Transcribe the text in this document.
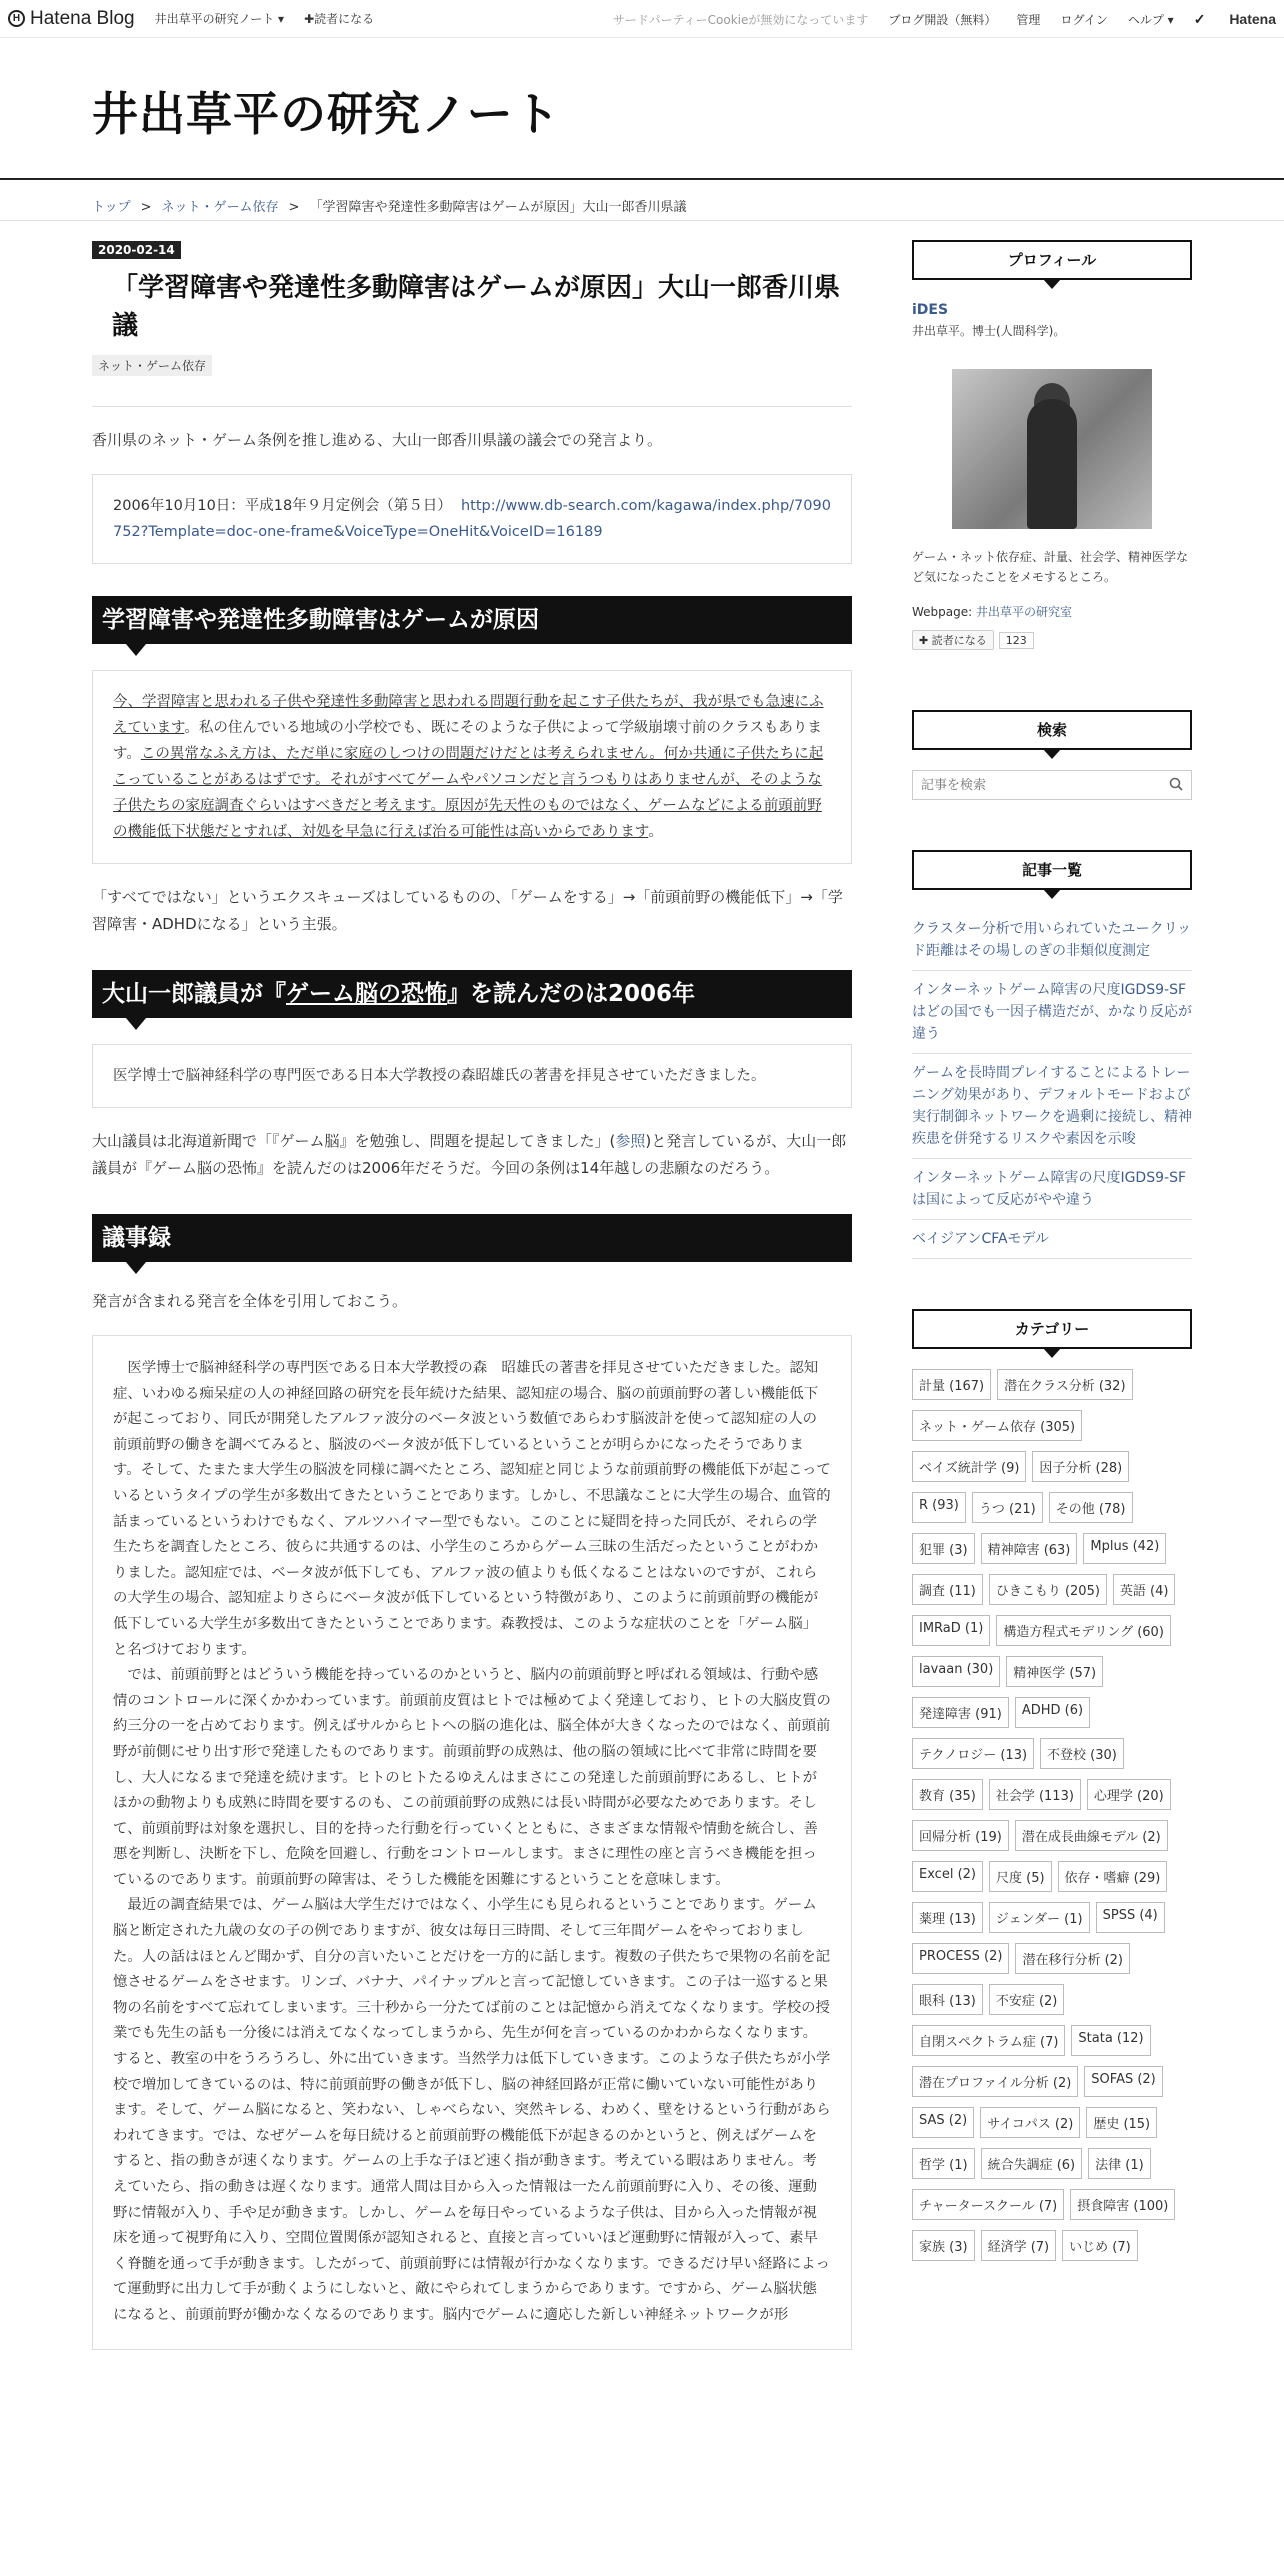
H Hatena Blog 井出草平の研究ノート ▾ ✚読者になる	サードパーティーCookieが無効になっています ブログ開設（無料） 管理 ログイン ヘルプ ▾ ✓ Hatena
井出草平の研究ノート
トップ > ネット・ゲーム依存 > 「学習障害や発達性多動障害はゲームが原因」大山一郎香川県議
2020-02-14
「学習障害や発達性多動障害はゲームが原因」大山一郎香川県議
ネット・ゲーム依存
香川県のネット・ゲーム条例を推し進める、大山一郎香川県議の議会での発言より。
2006年10月10日：平成18年９月定例会（第５日） http://www.db-search.com/kagawa/index.php/7090752?Template=doc-one-frame&VoiceType=OneHit&VoiceID=16189
学習障害や発達性多動障害はゲームが原因
今、学習障害と思われる子供や発達性多動障害と思われる問題行動を起こす子供たちが、我が県でも急速にふえています。私の住んでいる地域の小学校でも、既にそのような子供によって学級崩壊寸前のクラスもあります。この異常なふえ方は、ただ単に家庭のしつけの問題だけだとは考えられません。何か共通に子供たちに起こっていることがあるはずです。それがすべてゲームやパソコンだと言うつもりはありませんが、そのような子供たちの家庭調査ぐらいはすべきだと考えます。原因が先天性のものではなく、ゲームなどによる前頭前野の機能低下状態だとすれば、対処を早急に行えば治る可能性は高いからであります。
「すべてではない」というエクスキューズはしているものの、「ゲームをする」→「前頭前野の機能低下」→「学習障害・ADHDになる」という主張。
大山一郎議員が『ゲーム脳の恐怖』を読んだのは2006年
医学博士で脳神経科学の専門医である日本大学教授の森昭雄氏の著書を拝見させていただきました。
大山議員は北海道新聞で「『ゲーム脳』を勉強し、問題を提起してきました」(参照)と発言しているが、大山一郎議員が『ゲーム脳の恐怖』を読んだのは2006年だそうだ。今回の条例は14年越しの悲願なのだろう。
議事録
発言が含まれる発言を全体を引用しておこう。

医学博士で脳神経科学の専門医である日本大学教授の森　昭雄氏の著書を拝見させていただきました。認知症、いわゆる痴呆症の人の神経回路の研究を長年続けた結果、認知症の場合、脳の前頭前野の著しい機能低下が起こっており、同氏が開発したアルファ波分のベータ波という数値であらわす脳波計を使って認知症の人の前頭前野の働きを調べてみると、脳波のベータ波が低下しているということが明らかになったそうであります。そして、たまたま大学生の脳波を同様に調べたところ、認知症と同じような前頭前野の機能低下が起こっているというタイプの学生が多数出てきたということであります。しかし、不思議なことに大学生の場合、血管的話まっているというわけでもなく、アルツハイマー型でもない。このことに疑問を持った同氏が、それらの学生たちを調査したところ、彼らに共通するのは、小学生のころからゲーム三昧の生活だったということがわかりました。認知症では、ベータ波が低下しても、アルファ波の値よりも低くなることはないのですが、これらの大学生の場合、認知症よりさらにベータ波が低下しているという特徴があり、このように前頭前野の機能が低下している大学生が多数出てきたということであります。森教授は、このような症状のことを「ゲーム脳」と名づけております。

では、前頭前野とはどういう機能を持っているのかというと、脳内の前頭前野と呼ばれる領域は、行動や感情のコントロールに深くかかわっています。前頭前皮質はヒトでは極めてよく発達しており、ヒトの大脳皮質の約三分の一を占めております。例えばサルからヒトへの脳の進化は、脳全体が大きくなったのではなく、前頭前野が前側にせり出す形で発達したものであります。前頭前野の成熟は、他の脳の領域に比べて非常に時間を要し、大人になるまで発達を続けます。ヒトのヒトたるゆえんはまさにこの発達した前頭前野にあるし、ヒトがほかの動物よりも成熟に時間を要するのも、この前頭前野の成熟には長い時間が必要なためであります。そして、前頭前野は対象を選択し、目的を持った行動を行っていくとともに、さまざまな情報や情動を統合し、善悪を判断し、決断を下し、危険を回避し、行動をコントロールします。まさに理性の座と言うべき機能を担っているのであります。前頭前野の障害は、そうした機能を困難にするということを意味します。

最近の調査結果では、ゲーム脳は大学生だけではなく、小学生にも見られるということであります。ゲーム脳と断定された九歳の女の子の例でありますが、彼女は毎日三時間、そして三年間ゲームをやっておりました。人の話はほとんど聞かず、自分の言いたいことだけを一方的に話します。複数の子供たちで果物の名前を記憶させるゲームをさせます。リンゴ、バナナ、パイナップルと言って記憶していきます。この子は一巡すると果物の名前をすべて忘れてしまいます。三十秒から一分たてば前のことは記憶から消えてなくなります。学校の授業でも先生の話も一分後には消えてなくなってしまうから、先生が何を言っているのかわからなくなります。すると、教室の中をうろうろし、外に出ていきます。当然学力は低下していきます。このような子供たちが小学校で増加してきているのは、特に前頭前野の働きが低下し、脳の神経回路が正常に働いていない可能性があります。そして、ゲーム脳になると、笑わない、しゃべらない、突然キレる、わめく、壁をけるという行動があらわれてきます。では、なぜゲームを毎日続けると前頭前野の機能低下が起きるのかというと、例えばゲームをすると、指の動きが速くなります。ゲームの上手な子ほど速く指が動きます。考えている暇はありません。考えていたら、指の動きは遅くなります。通常人間は目から入った情報は一たん前頭前野に入り、その後、運動野に情報が入り、手や足が動きます。しかし、ゲームを毎日やっているような子供は、目から入った情報が視床を通って視野角に入り、空間位置関係が認知されると、直接と言っていいほど運動野に情報が入って、素早く脊髄を通って手が動きます。したがって、前頭前野には情報が行かなくなります。できるだけ早い経路によって運動野に出力して手が動くようにしないと、敵にやられてしまうからであります。ですから、ゲーム脳状態になると、前頭前野が働かなくなるのであります。脳内でゲームに適応した新しい神経ネットワークが形

プロフィール
iDES
井出草平。博士(人間科学)。
ゲーム・ネット依存症、計量、社会学、精神医学など気になったことをメモするところ。
Webpage: 井出草平の研究室
✚ 読者になる	123
検索
記事を検索
記事一覧
クラスター分析で用いられていたユークリッド距離はその場しのぎの非類似度測定
インターネットゲーム障害の尺度IGDS9-SFはどの国でも一因子構造だが、かなり反応が違う
ゲームを長時間プレイすることによるトレーニング効果があり、デフォルトモードおよび実行制御ネットワークを過剰に接続し、精神疾患を併発するリスクや素因を示唆
インターネットゲーム障害の尺度IGDS9-SFは国によって反応がやや違う
ベイジアンCFAモデル
カテゴリー
計量 (167)	潜在クラス分析 (32)
ネット・ゲーム依存 (305)
ベイズ統計学 (9)	因子分析 (28)
R (93)	うつ (21)	その他 (78)
犯罪 (3)	精神障害 (63)	Mplus (42)
調査 (11)	ひきこもり (205)	英語 (4)
IMRaD (1)	構造方程式モデリング (60)
lavaan (30)	精神医学 (57)
発達障害 (91)	ADHD (6)
テクノロジー (13)	不登校 (30)
教育 (35)	社会学 (113)	心理学 (20)
回帰分析 (19)	潜在成長曲線モデル (2)
Excel (2)	尺度 (5)	依存・嗜癖 (29)
薬理 (13)	ジェンダー (1)	SPSS (4)
PROCESS (2)	潜在移行分析 (2)
眼科 (13)	不安症 (2)
自閉スペクトラム症 (7)	Stata (12)
潜在プロファイル分析 (2)	SOFAS (2)
SAS (2)	サイコパス (2)	歴史 (15)
哲学 (1)	統合失調症 (6)	法律 (1)
チャータースクール (7)	摂食障害 (100)
家族 (3)	経済学 (7)	いじめ (7)
